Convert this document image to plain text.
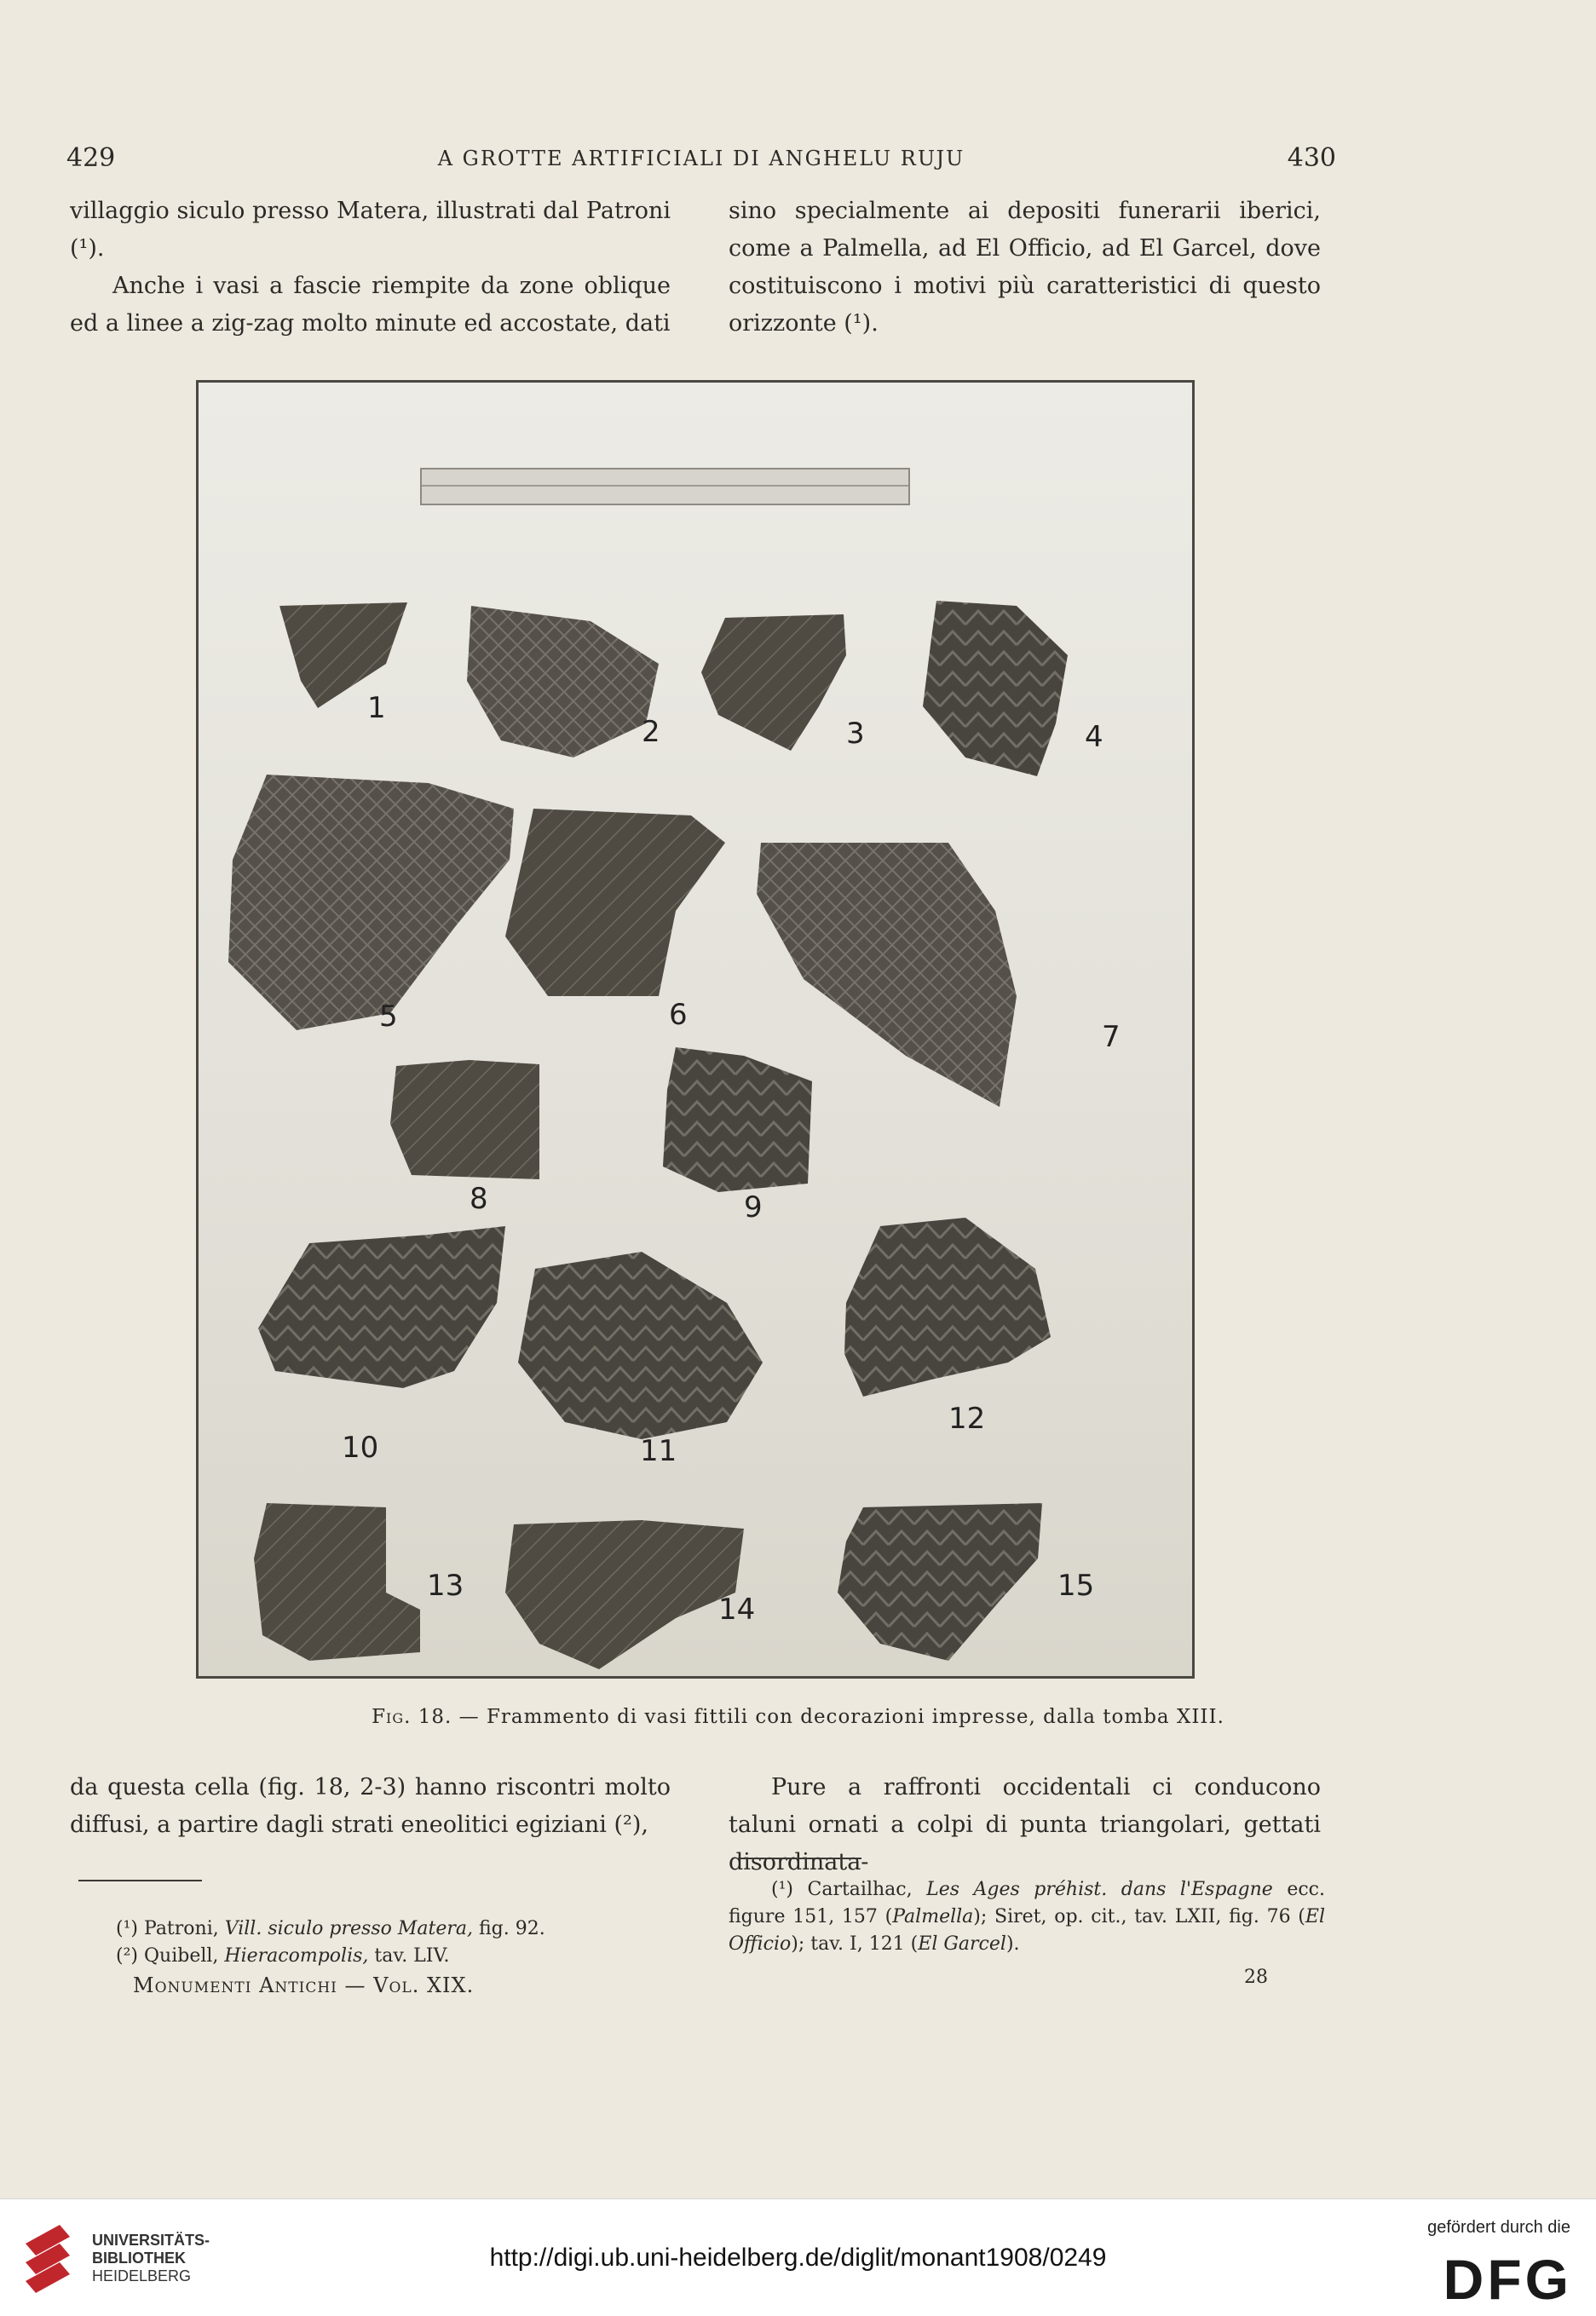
429	A GROTTE ARTIFICIALI DI ANGHELU RUJU	430

villaggio siculo presso Matera, illustrati dal Patroni (¹).

Anche i vasi a fascie riempite da zone oblique ed a linee a zig-zag molto minute ed accostate, dati

sino specialmente ai depositi funerarii iberici, come a Palmella, ad El Officio, ad El Garcel, dove costituiscono i motivi più caratteristici di questo orizzonte (¹).

1
2	3	4
5	6
7
8	9
10	11
12
13
14
15
Fig. 18. — Frammento di vasi fittili con decorazioni impresse, dalla tomba XIII.

da questa cella (fig. 18, 2-3) hanno riscontri molto diffusi, a partire dagli strati eneolitici egiziani (²),

Pure a raffronti occidentali ci conducono taluni ornati a colpi di punta triangolari, gettati disordinata-

(¹) Patroni, Vill. siculo presso Matera, fig. 92.

(²) Quibell, Hieracompolis, tav. LIV.

(¹) Cartailhac, Les Ages préhist. dans l'Espagne ecc. figure 151, 157 (Palmella); Siret, op. cit., tav. LXII, fig. 76 (El Officio); tav. I, 121 (El Garcel).

Monumenti Antichi — Vol. XIX.	28
UNIVERSITÄTS-
BIBLIOTHEK
HEIDELBERG
http://digi.ub.uni-heidelberg.de/diglit/monant1908/0249
gefördert durch die
DFG
